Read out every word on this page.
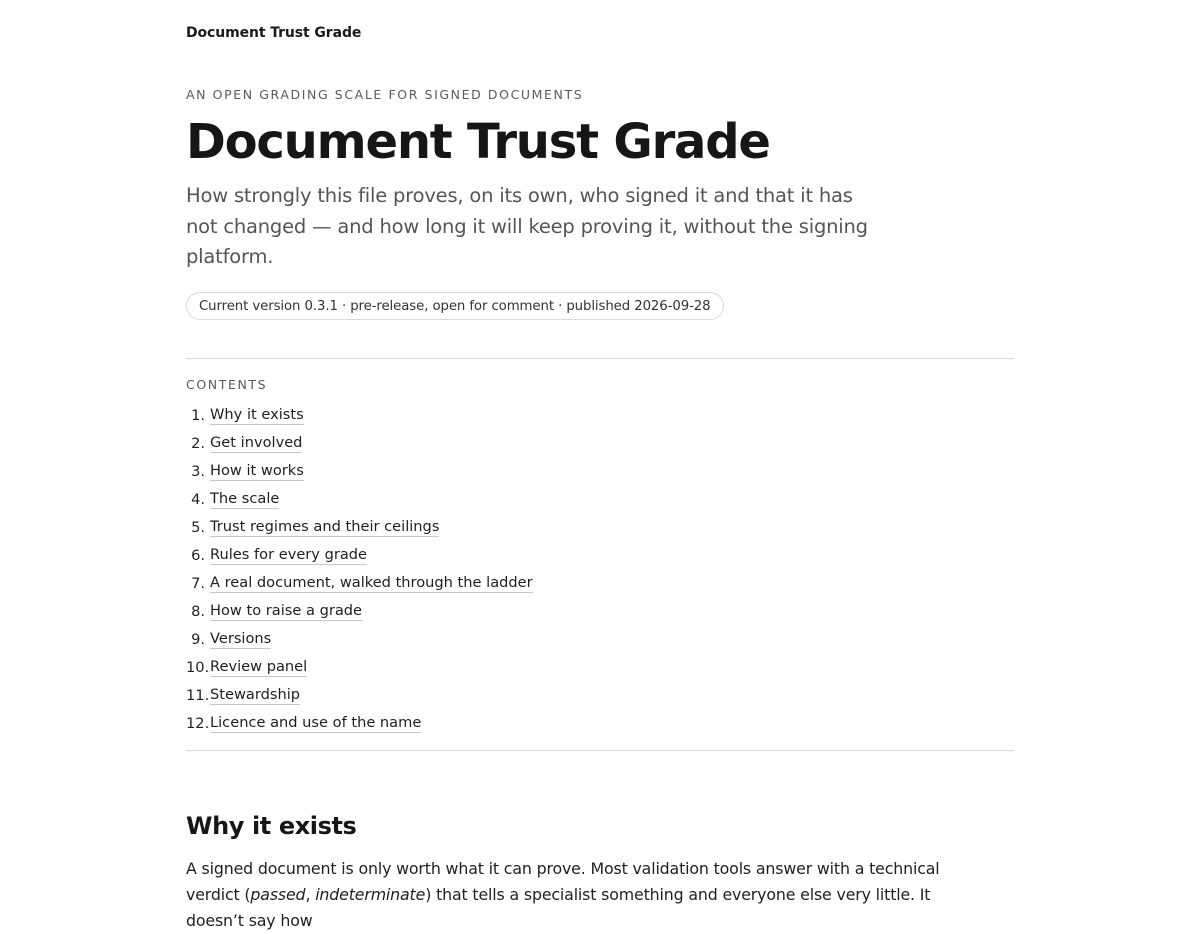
Document Trust Grade
AN OPEN GRADING SCALE FOR SIGNED DOCUMENTS
Document Trust Grade

How strongly this file proves, on its own, who signed it and that it has not changed — and how long it will keep proving it, without the signing platform.

Current version 0.3.1 · pre-release, open for comment · published 2026-09-28
CONTENTS
1. Why it exists
2. Get involved
3. How it works
4. The scale
5. Trust regimes and their ceilings
6. Rules for every grade
7. A real document, walked through the ladder
8. How to raise a grade
9. Versions
10. Review panel
11. Stewardship
12. Licence and use of the name
Why it exists

A signed document is only worth what it can prove. Most validation tools answer with a technical verdict (passed, indeterminate) that tells a specialist something and everyone else very little. It doesn’t say how
